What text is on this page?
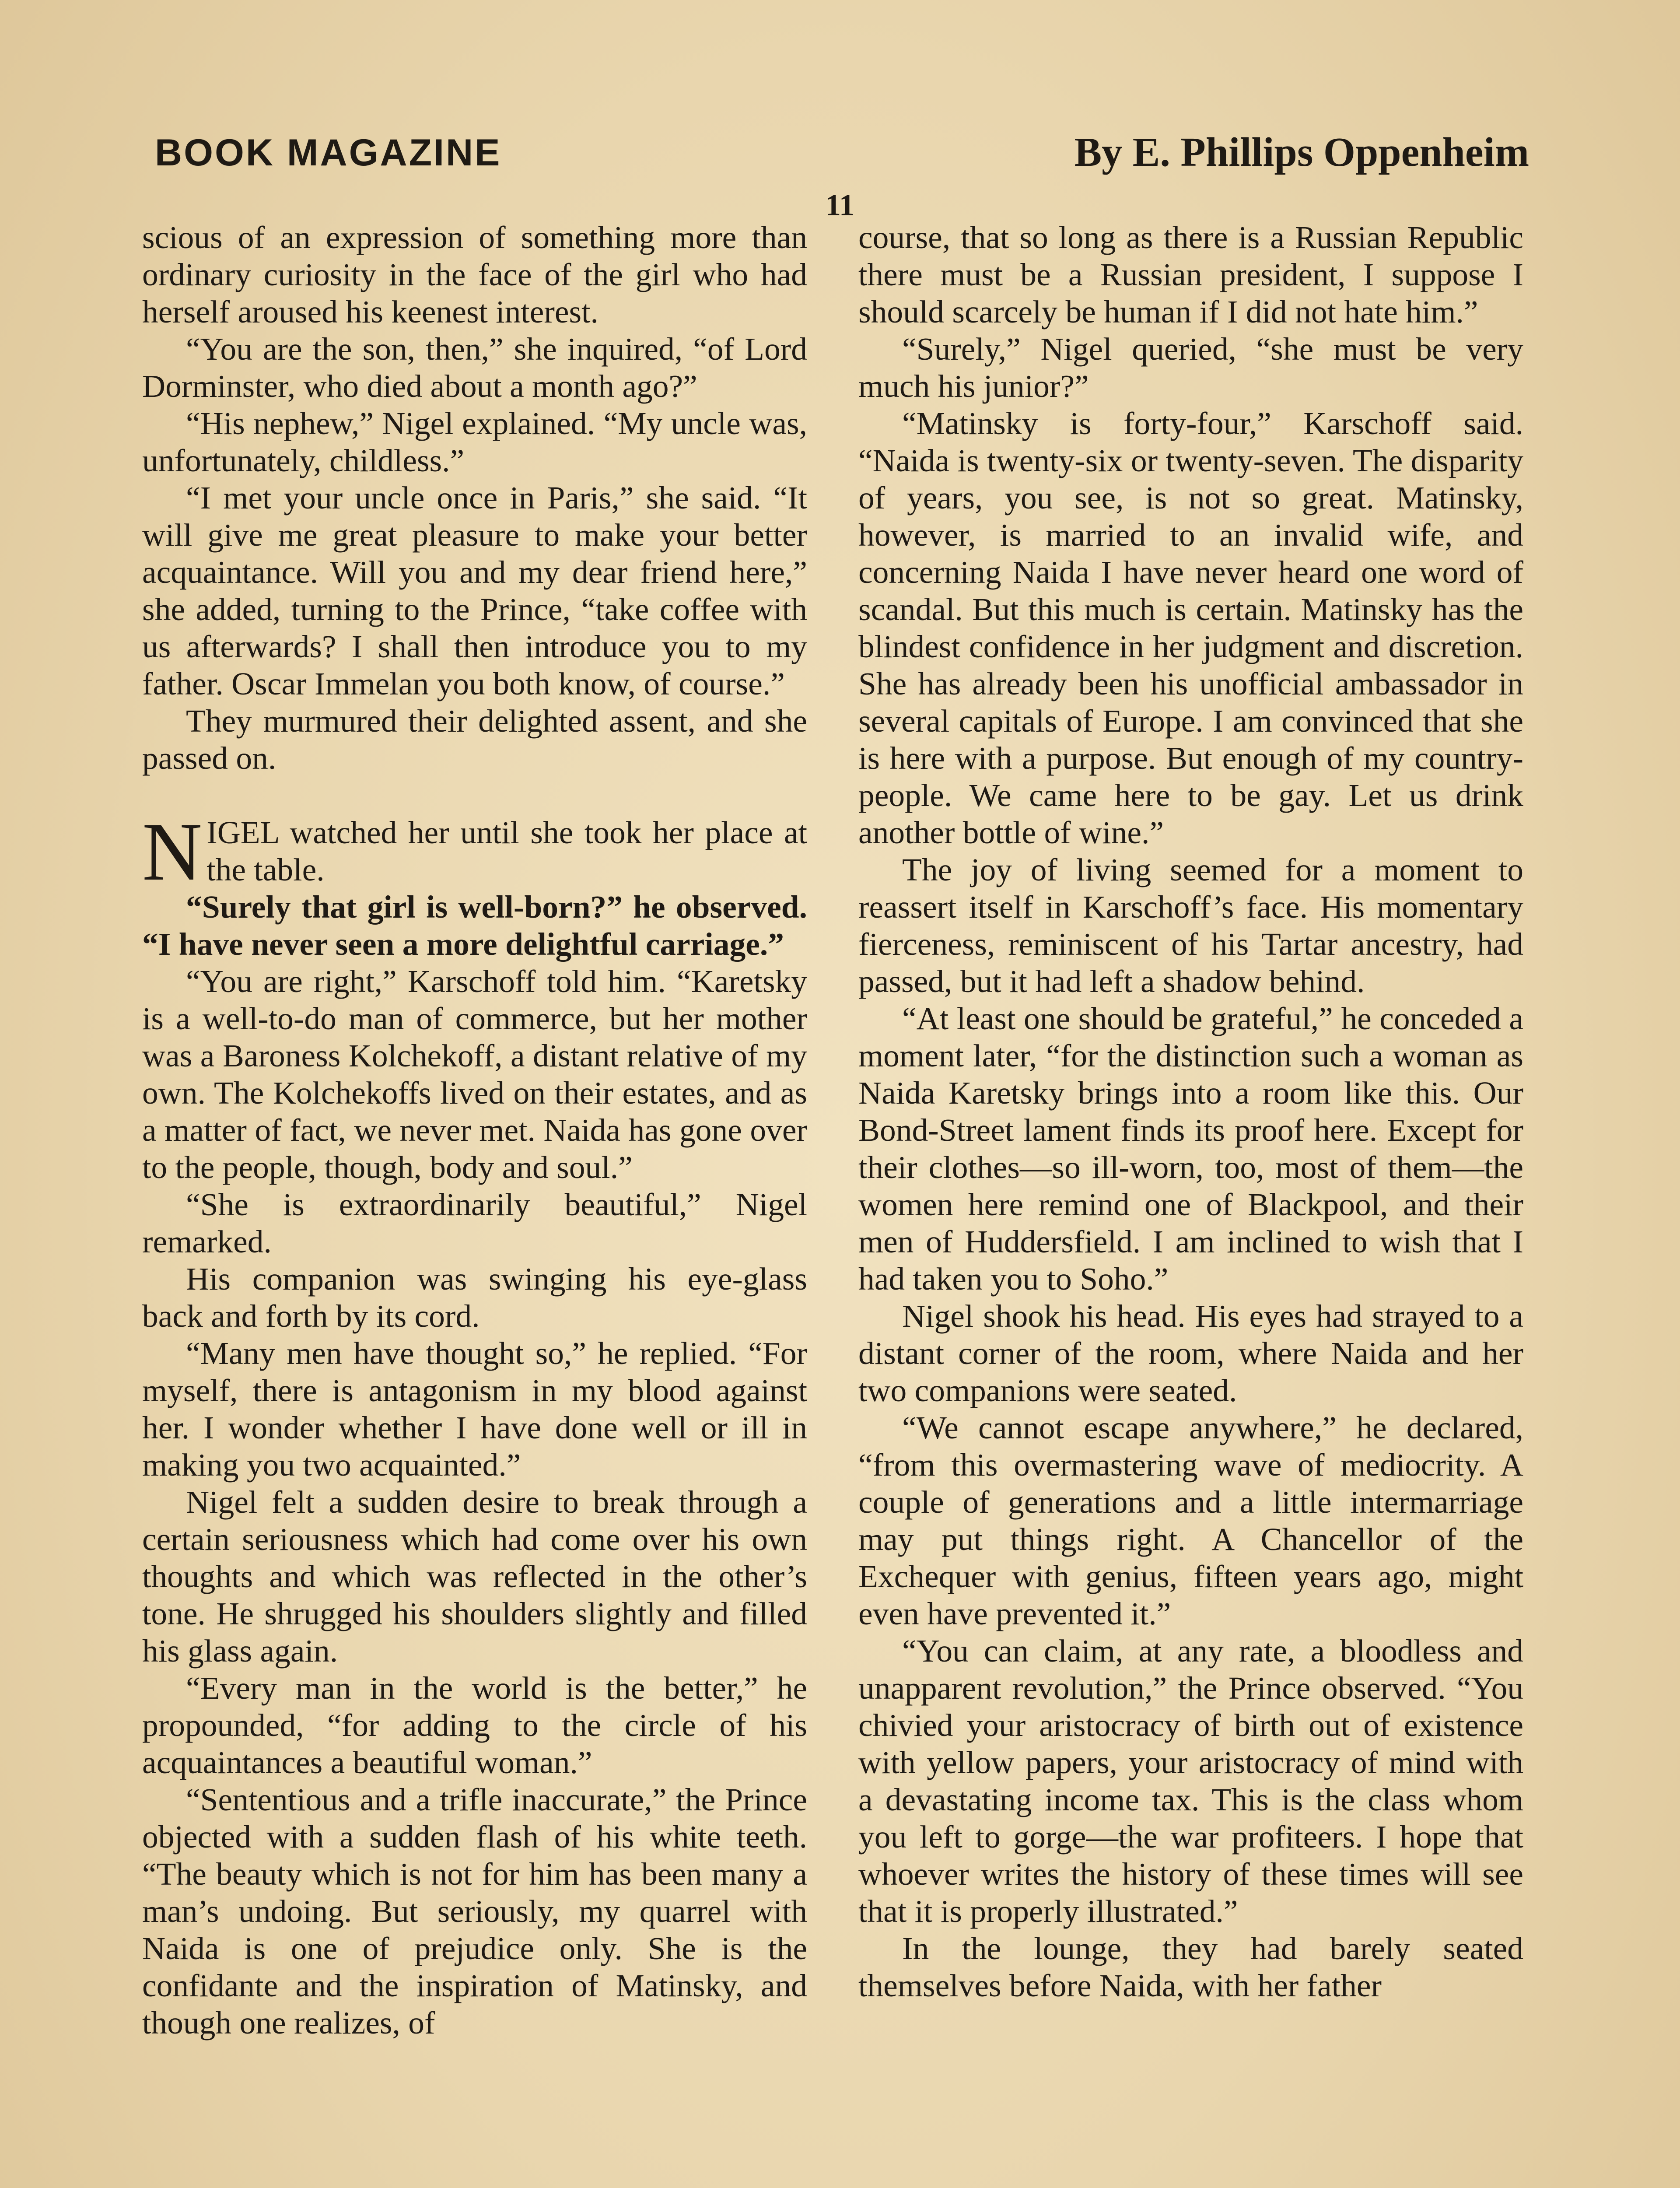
BOOK MAGAZINE	By E. Phillips Oppenheim
11

scious of an expression of something more than ordinary curiosity in the face of the girl who had herself aroused his keenest interest.

“You are the son, then,” she inquired, “of Lord Dorminster, who died about a month ago?”

“His nephew,” Nigel explained. “My uncle was, unfortunately, childless.”

“I met your uncle once in Paris,” she said. “It will give me great pleasure to make your better acquaintance. Will you and my dear friend here,” she added, turning to the Prince, “take coffee with us afterwards? I shall then introduce you to my father. Oscar Immelan you both know, of course.”

They murmured their delighted assent, and she passed on.

NIGEL watched her until she took her place at the table.

“Surely that girl is well-born?” he observed. “I have never seen a more delightful carriage.”

“You are right,” Karschoff told him. “Karetsky is a well-to-do man of commerce, but her mother was a Baroness Kolchekoff, a distant relative of my own. The Kolchekoffs lived on their estates, and as a matter of fact, we never met. Naida has gone over to the people, though, body and soul.”

“She is extraordinarily beautiful,” Nigel remarked.

His companion was swinging his eye-glass back and forth by its cord.

“Many men have thought so,” he replied. “For myself, there is antagonism in my blood against her. I wonder whether I have done well or ill in making you two acquainted.”

Nigel felt a sudden desire to break through a certain seriousness which had come over his own thoughts and which was reflected in the other’s tone. He shrugged his shoulders slightly and filled his glass again.

“Every man in the world is the better,” he propounded, “for adding to the circle of his acquaintances a beautiful woman.”

“Sententious and a trifle inaccurate,” the Prince objected with a sudden flash of his white teeth. “The beauty which is not for him has been many a man’s undoing. But seriously, my quarrel with Naida is one of prejudice only. She is the confidante and the inspiration of Matinsky, and though one realizes, of

course, that so long as there is a Russian Republic there must be a Russian president, I suppose I should scarcely be human if I did not hate him.”

“Surely,” Nigel queried, “she must be very much his junior?”

“Matinsky is forty-four,” Karschoff said. “Naida is twenty-six or twenty-seven. The disparity of years, you see, is not so great. Matinsky, however, is married to an invalid wife, and concerning Naida I have never heard one word of scandal. But this much is certain. Matinsky has the blindest confidence in her judgment and discretion. She has already been his unofficial ambassador in several capitals of Europe. I am convinced that she is here with a purpose. But enough of my country-people. We came here to be gay. Let us drink another bottle of wine.”

The joy of living seemed for a moment to reassert itself in Karschoff’s face. His momentary fierceness, reminiscent of his Tartar ancestry, had passed, but it had left a shadow behind.

“At least one should be grateful,” he conceded a moment later, “for the distinction such a woman as Naida Karetsky brings into a room like this. Our Bond-Street lament finds its proof here. Except for their clothes—so ill-worn, too, most of them—the women here remind one of Blackpool, and their men of Huddersfield. I am inclined to wish that I had taken you to Soho.”

Nigel shook his head. His eyes had strayed to a distant corner of the room, where Naida and her two companions were seated.

“We cannot escape anywhere,” he declared, “from this overmastering wave of mediocrity. A couple of generations and a little intermarriage may put things right. A Chancellor of the Exchequer with genius, fifteen years ago, might even have prevented it.”

“You can claim, at any rate, a bloodless and unapparent revolution,” the Prince observed. “You chivied your aristocracy of birth out of existence with yellow papers, your aristocracy of mind with a devastating income tax. This is the class whom you left to gorge—the war profiteers. I hope that whoever writes the history of these times will see that it is properly illustrated.”

In the lounge, they had barely seated themselves before Naida, with her father
